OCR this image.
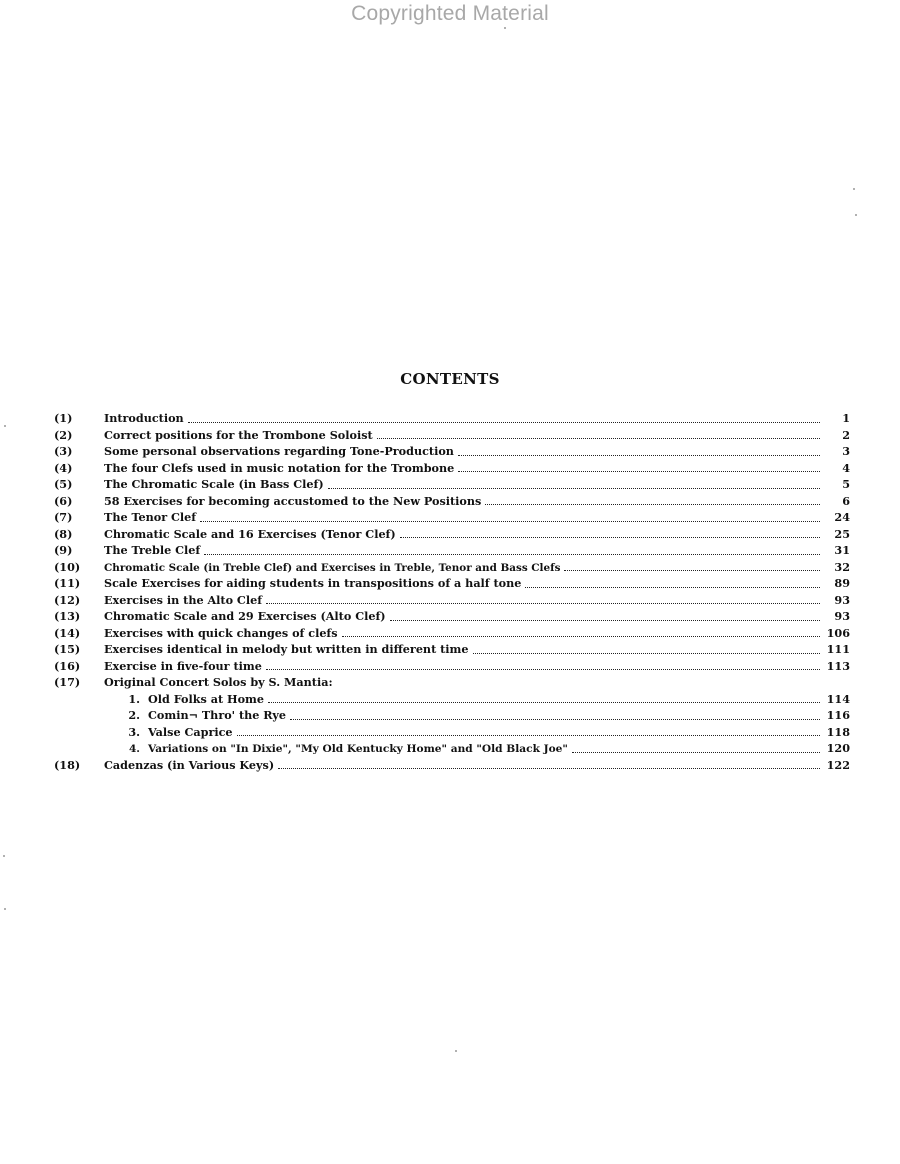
Copyrighted Material
CONTENTS
(1)	Introduction	1
(2)	Correct positions for the Trombone Soloist	2
(3)	Some personal observations regarding Tone-Production	3
(4)	The four Clefs used in music notation for the Trombone	4
(5)	The Chromatic Scale (in Bass Clef)	5
(6)	58 Exercises for becoming accustomed to the New Positions	6
(7)	The Tenor Clef	24
(8)	Chromatic Scale and 16 Exercises (Tenor Clef)	25
(9)	The Treble Clef	31
(10)	Chromatic Scale (in Treble Clef) and Exercises in Treble, Tenor and Bass Clefs	32
(11)	Scale Exercises for aiding students in transpositions of a half tone	89
(12)	Exercises in the Alto Clef	93
(13)	Chromatic Scale and 29 Exercises (Alto Clef)	93
(14)	Exercises with quick changes of clefs	106
(15)	Exercises identical in melody but written in different time	111
(16)	Exercise in five-four time	113
(17)	Original Concert Solos by S. Mantia:
1. Old Folks at Home	114
2. Comin¬ Thro' the Rye	116
3. Valse Caprice	118
4. Variations on "In Dixie", "My Old Kentucky Home" and "Old Black Joe"	120
(18)	Cadenzas (in Various Keys)	122
